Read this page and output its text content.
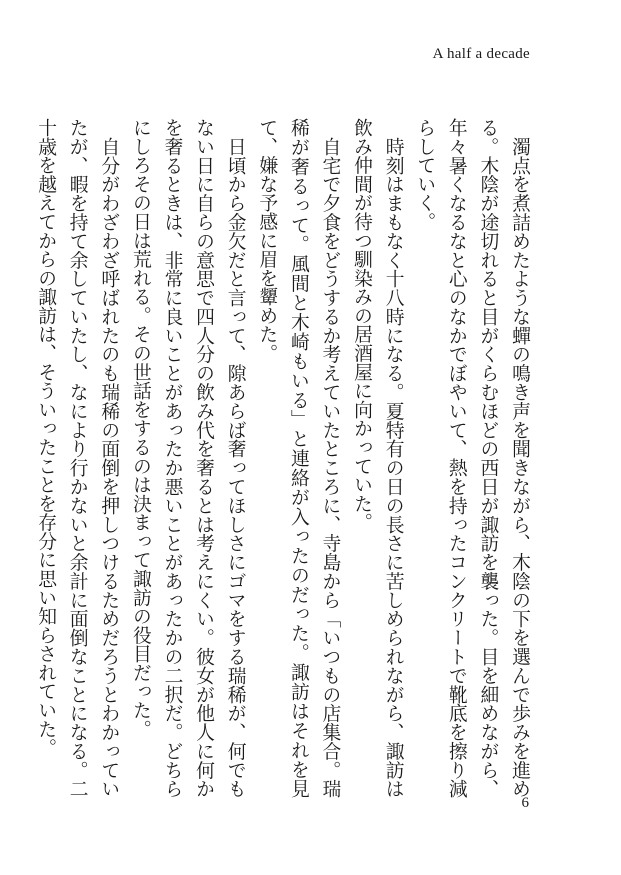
A half a decade

　濁点を煮詰めたような蟬の鳴き声を聞きながら、木陰の下を選んで歩みを進める。木陰が途切れると目がくらむほどの西日が諏訪を襲った。目を細めながら、年々暑くなるなと心のなかでぼやいて、熱を持ったコンクリートで靴底を擦り減らしていく。

　時刻はまもなく十八時になる。夏特有の日の長さに苦しめられながら、諏訪は飲み仲間が待つ馴染みの居酒屋に向かっていた。

　自宅で夕食をどうするか考えていたところに、寺島から「いつもの店集合。瑞稀が奢るって。風間と木崎もいる」と連絡が入ったのだった。諏訪はそれを見て、嫌な予感に眉を顰めた。

　日頃から金欠だと言って、隙あらば奢ってほしさにゴマをする瑞稀が、何でもない日に自らの意思で四人分の飲み代を奢るとは考えにくい。彼女が他人に何かを奢るときは、非常に良いことがあったか悪いことがあったかの二択だ。どちらにしろその日は荒れる。その世話をするのは決まって諏訪の役目だった。

　自分がわざわざ呼ばれたのも瑞稀の面倒を押しつけるためだろうとわかっていたが、暇を持て余していたし、なにより行かないと余計に面倒なことになる。二十歳を越えてからの諏訪は、そういったことを存分に思い知らされていた。

6
